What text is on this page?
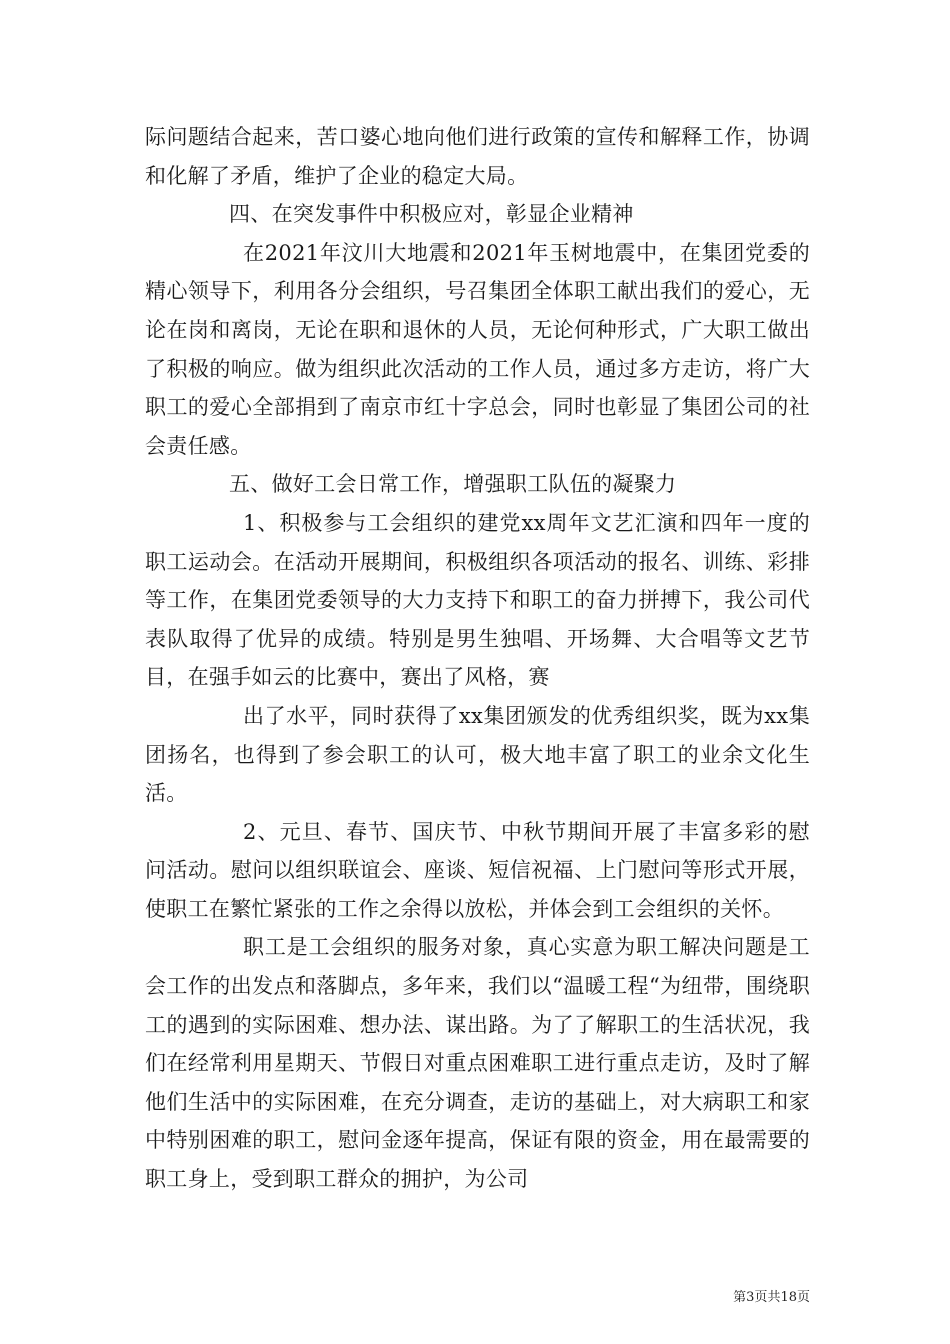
际问题结合起来，苦口婆心地向他们进行政策的宣传和解释工作，协调和化解了矛盾，维护了企业的稳定大局。

四、在突发事件中积极应对，彰显企业精神

在2021年汶川大地震和2021年玉树地震中，在集团党委的精心领导下，利用各分会组织，号召集团全体职工献出我们的爱心，无论在岗和离岗，无论在职和退休的人员，无论何种形式，广大职工做出了积极的响应。做为组织此次活动的工作人员，通过多方走访，将广大职工的爱心全部捐到了南京市红十字总会，同时也彰显了集团公司的社会责任感。

五、做好工会日常工作，增强职工队伍的凝聚力

1、积极参与工会组织的建党xx周年文艺汇演和四年一度的职工运动会。在活动开展期间，积极组织各项活动的报名、训练、彩排等工作，在集团党委领导的大力支持下和职工的奋力拼搏下，我公司代表队取得了优异的成绩。特别是男生独唱、开场舞、大合唱等文艺节目，在强手如云的比赛中，赛出了风格，赛

出了水平，同时获得了xx集团颁发的优秀组织奖，既为xx集团扬名，也得到了参会职工的认可，极大地丰富了职工的业余文化生活。

2、元旦、春节、国庆节、中秋节期间开展了丰富多彩的慰问活动。慰问以组织联谊会、座谈、短信祝福、上门慰问等形式开展，使职工在繁忙紧张的工作之余得以放松，并体会到工会组织的关怀。

职工是工会组织的服务对象，真心实意为职工解决问题是工会工作的出发点和落脚点，多年来，我们以“温暖工程“为纽带，围绕职工的遇到的实际困难、想办法、谋出路。为了了解职工的生活状况，我们在经常利用星期天、节假日对重点困难职工进行重点走访，及时了解他们生活中的实际困难，在充分调查，走访的基础上，对大病职工和家中特别困难的职工，慰问金逐年提高，保证有限的资金，用在最需要的职工身上，受到职工群众的拥护，为公司

第3页共18页
